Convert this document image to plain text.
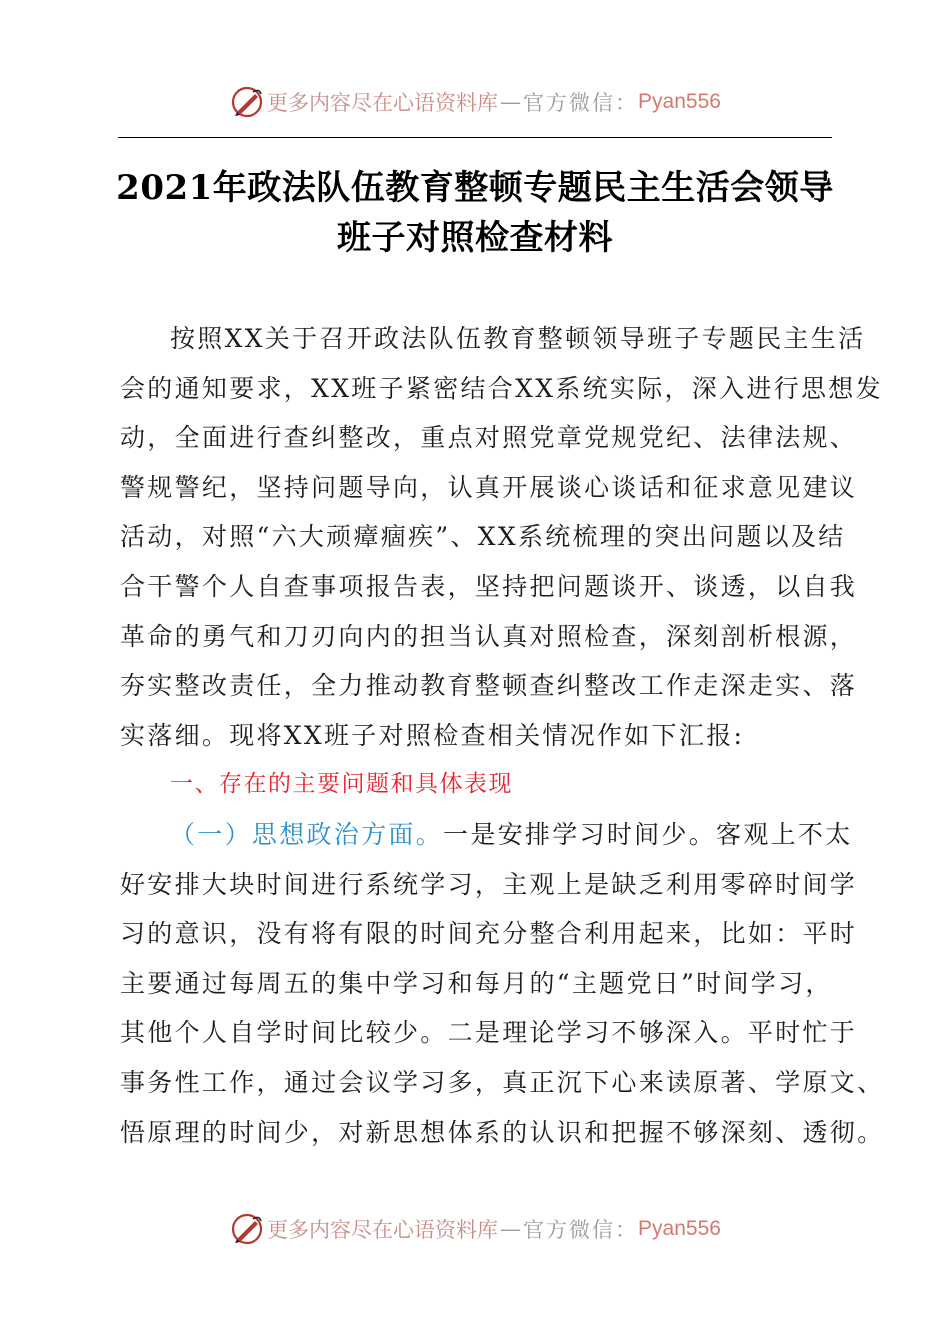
更多内容尽在心语资料库 — 官方微信： Pyan556
2021年政法队伍教育整顿专题民主生活会领导
班子对照检查材料
按照XX关于召开政法队伍教育整顿领导班子专题民主生活
会的通知要求，XX班子紧密结合XX系统实际，深入进行思想发
动，全面进行查纠整改，重点对照党章党规党纪、法律法规、
警规警纪，坚持问题导向，认真开展谈心谈话和征求意见建议
活动，对照“六大顽瘴痼疾”、XX系统梳理的突出问题以及结
合干警个人自查事项报告表，坚持把问题谈开、谈透，以自我
革命的勇气和刀刃向内的担当认真对照检查，深刻剖析根源，
夯实整改责任，全力推动教育整顿查纠整改工作走深走实、落
实落细。现将XX班子对照检查相关情况作如下汇报:
一、存在的主要问题和具体表现
（一）思想政治方面。一是安排学习时间少。客观上不太
好安排大块时间进行系统学习，主观上是缺乏利用零碎时间学
习的意识，没有将有限的时间充分整合利用起来，比如：平时
主要通过每周五的集中学习和每月的“主题党日”时间学习，
其他个人自学时间比较少。二是理论学习不够深入。平时忙于
事务性工作，通过会议学习多，真正沉下心来读原著、学原文、
悟原理的时间少，对新思想体系的认识和把握不够深刻、透彻。
更多内容尽在心语资料库 — 官方微信： Pyan556
